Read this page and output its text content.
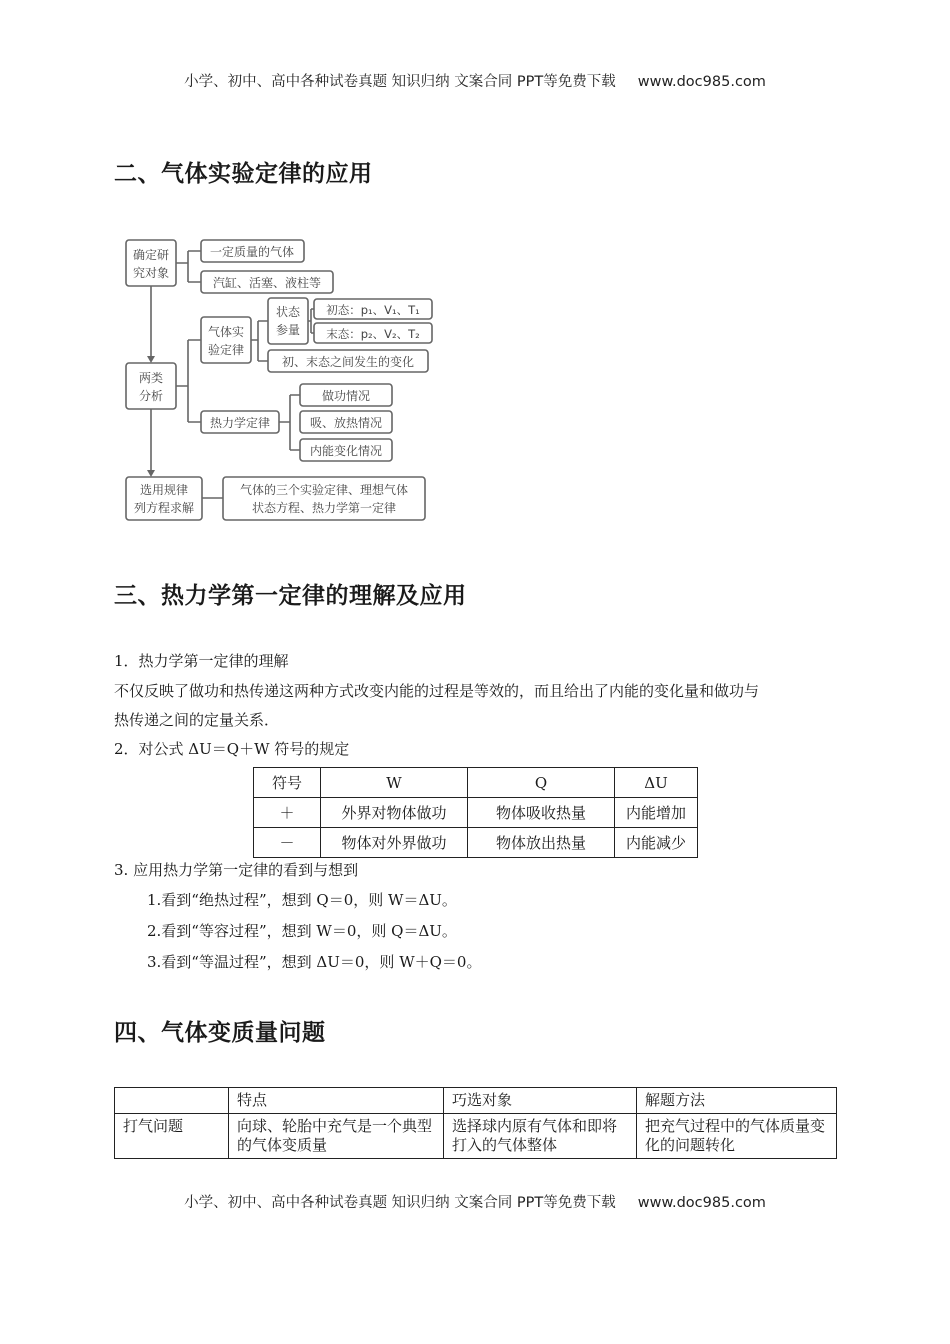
小学、初中、高中各种试卷真题 知识归纳 文案合同 PPT等免费下载 www.doc985.com
二、气体实验定律的应用
确定研
究对象
一定质量的气体
汽缸、活塞、液柱等
两类
分析
气体实
验定律
状态
参量
初态：p₁、V₁、T₁
末态：p₂、V₂、T₂
初、末态之间发生的变化
热力学定律
做功情况
吸、放热情况
内能变化情况
选用规律
列方程求解
气体的三个实验定律、理想气体
状态方程、热力学第一定律
三、热力学第一定律的理解及应用

1．热力学第一定律的理解

不仅反映了做功和热传递这两种方式改变内能的过程是等效的，而且给出了内能的变化量和做功与

热传递之间的定量关系．

2．对公式 ΔU＝Q＋W 符号的规定

符号	W	Q	ΔU
＋	外界对物体做功	物体吸收热量	内能增加
－	物体对外界做功	物体放出热量	内能减少

3. 应用热力学第一定律的看到与想到

1.看到“绝热过程”，想到 Q＝0，则 W＝ΔU。

2.看到“等容过程”，想到 W＝0，则 Q＝ΔU。

3.看到“等温过程”，想到 ΔU＝0，则 W＋Q＝0。

四、气体变质量问题
	特点	巧选对象	解题方法
打气问题	向球、轮胎中充气是一个典型的气体变质量	选择球内原有气体和即将打入的气体整体	把充气过程中的气体质量变化的问题转化
小学、初中、高中各种试卷真题 知识归纳 文案合同 PPT等免费下载 www.doc985.com
